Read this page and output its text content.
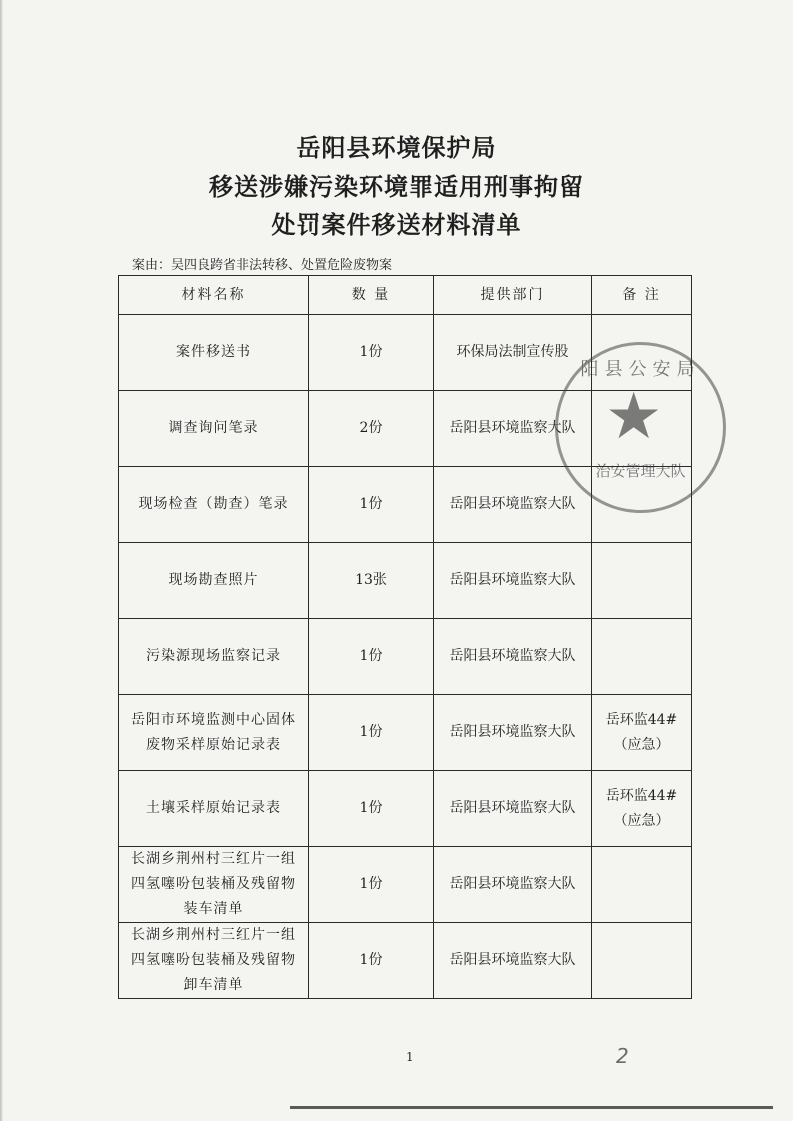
岳阳县环境保护局
移送涉嫌污染环境罪适用刑事拘留
处罚案件移送材料清单
案由：吴四良跨省非法转移、处置危险废物案
材料名称	数 量	提供部门	备 注
案件移送书	1份	环保局法制宣传股	
调查询问笔录	2份	岳阳县环境监察大队	
现场检查（勘查）笔录	1份	岳阳县环境监察大队	
现场勘查照片	13张	岳阳县环境监察大队	
污染源现场监察记录	1份	岳阳县环境监察大队	
岳阳市环境监测中心固体废物采样原始记录表	1份	岳阳县环境监察大队	岳环监44#（应急）
土壤采样原始记录表	1份	岳阳县环境监察大队	岳环监44#（应急）
长湖乡荆州村三红片一组四氢噻吩包装桶及残留物装车清单	1份	岳阳县环境监察大队	
长湖乡荆州村三红片一组四氢噻吩包装桶及残留物卸车清单	1份	岳阳县环境监察大队	
阳县公安局
★
治安管理大队
1	2
